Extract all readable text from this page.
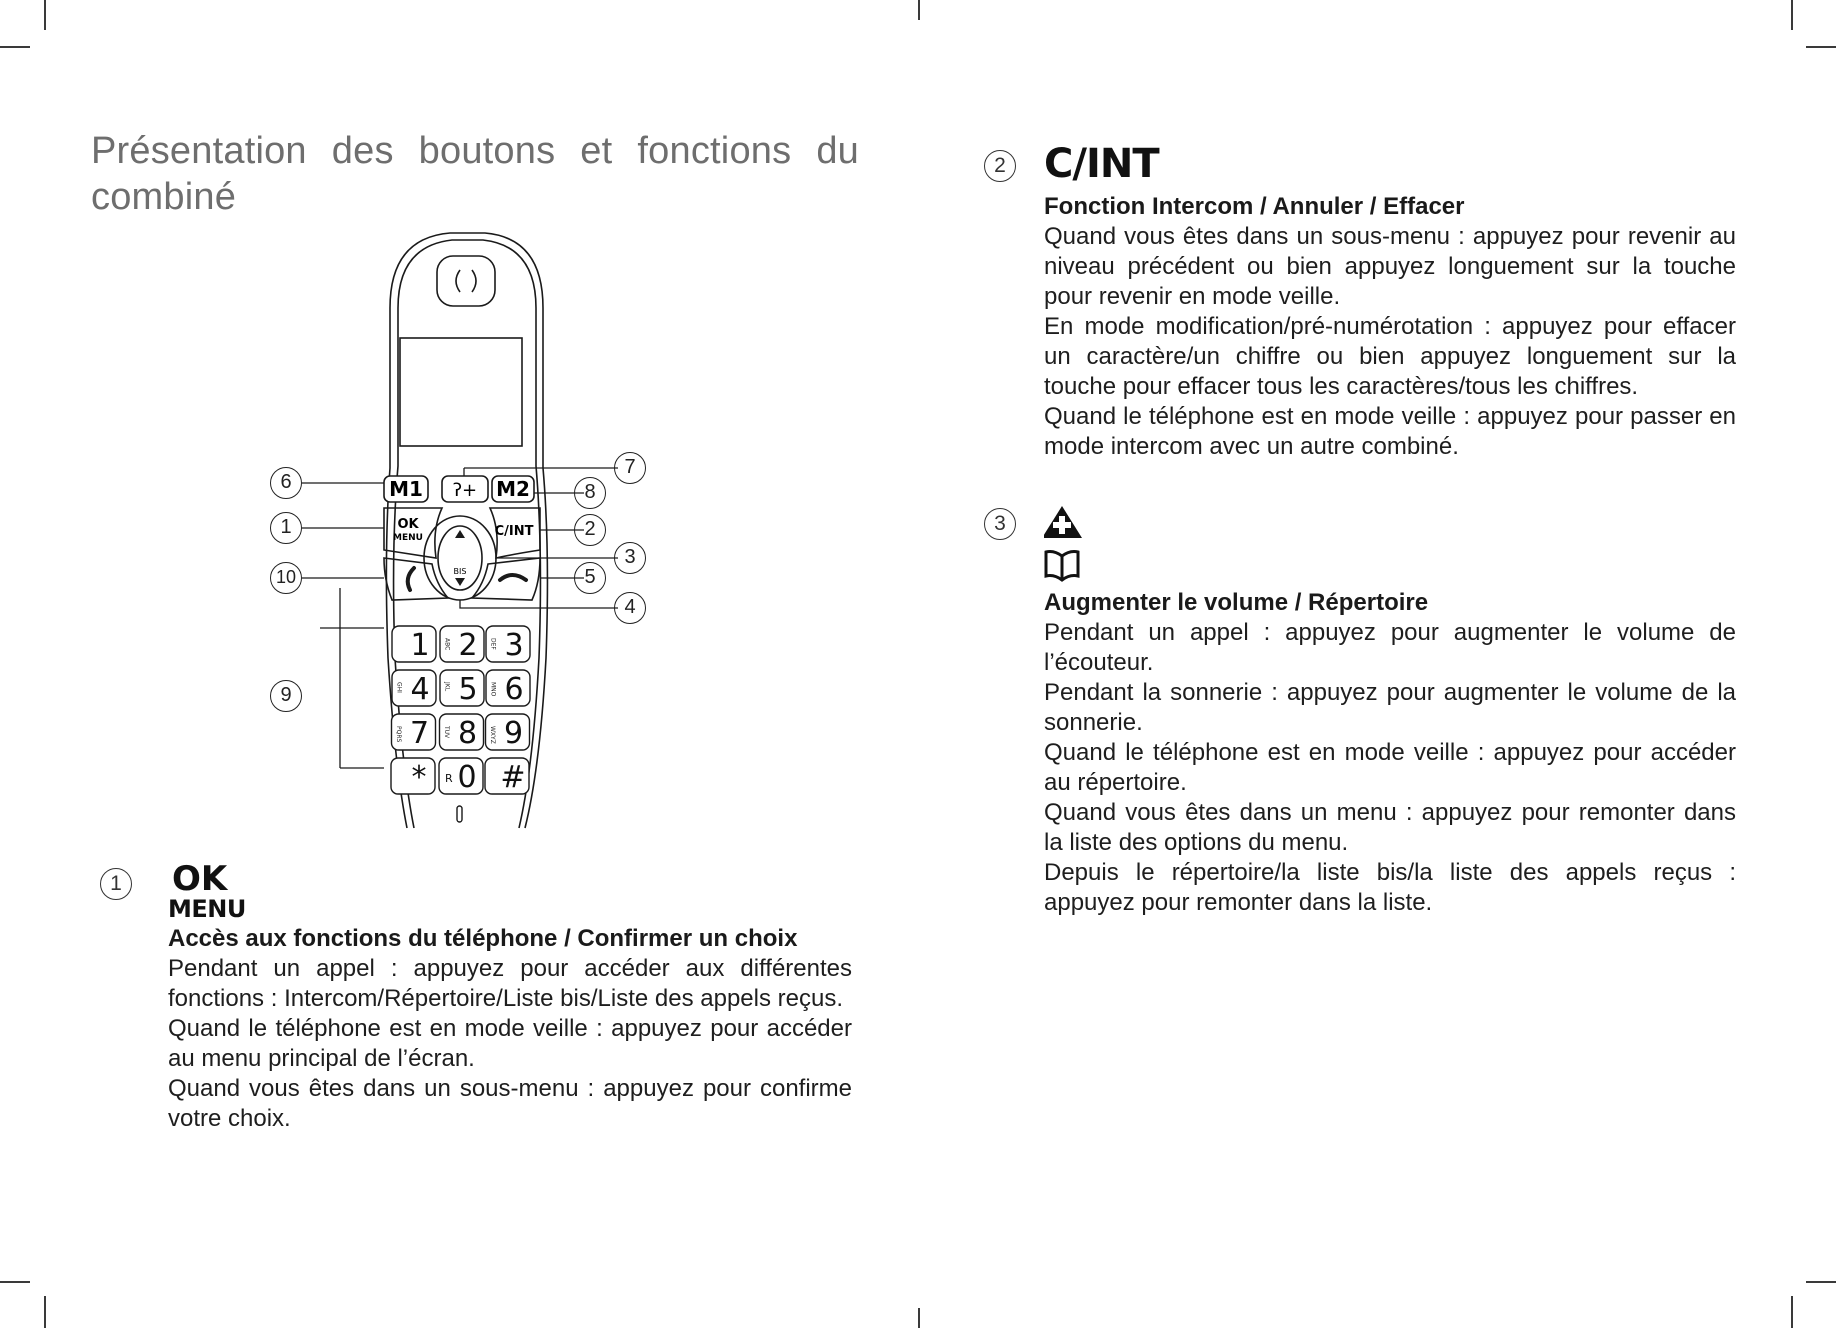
Présentation des boutons et fonctions du combiné
M1	M2
ʔ+
OK
MENU	C/INT
BIS
1 2
ABC 3
DEF
4
GHI 5
JKL 6
MNO
7
PQRS 8
TUV 9
WXYZ
* 0
R #
6
1
10
9
7
8
2
3
5
4
1 OK
MENU
Accès aux fonctions du téléphone / Confirmer un choix

Pendant un appel : appuyez pour accéder aux différentes fonctions : Intercom/Répertoire/Liste bis/Liste des appels reçus.

Quand le téléphone est en mode veille : appuyez pour accéder au menu principal de l’écran.

Quand vous êtes dans un sous-menu : appuyez pour confirme votre choix.

2 C/INT
Fonction Intercom / Annuler / Effacer

Quand vous êtes dans un sous-menu : appuyez pour revenir au niveau précédent ou bien appuyez longuement sur la touche pour revenir en mode veille.

En mode modification/pré-numérotation : appuyez pour effacer un caractère/un chiffre ou bien appuyez longuement sur la touche pour effacer tous les caractères/tous les chiffres.

Quand le téléphone est en mode veille : appuyez pour passer en mode intercom avec un autre combiné.

3
Augmenter le volume / Répertoire

Pendant un appel : appuyez pour augmenter le volume de l’écouteur.

Pendant la sonnerie : appuyez pour augmenter le volume de la sonnerie.

Quand le téléphone est en mode veille : appuyez pour accéder au répertoire.

Quand vous êtes dans un menu : appuyez pour remonter dans la liste des options du menu.

Depuis le répertoire/la liste bis/la liste des appels reçus : appuyez pour remonter dans la liste.
